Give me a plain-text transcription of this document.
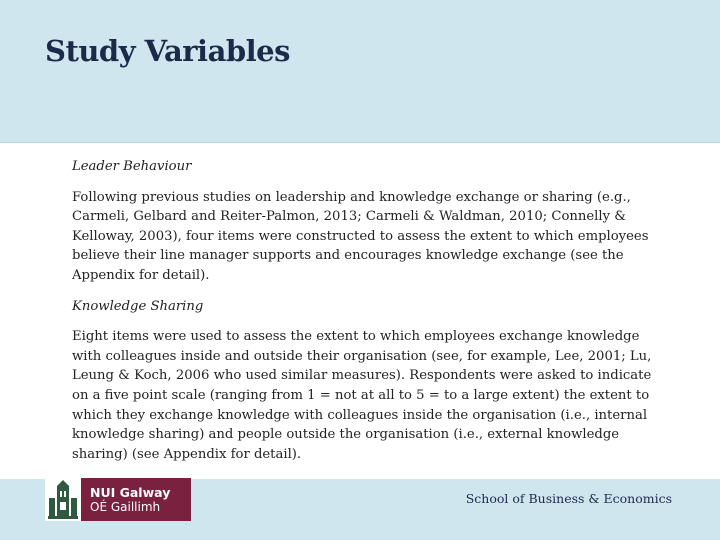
Study Variables

Leader Behaviour

Following previous studies on leadership and knowledge exchange or sharing (e.g., Carmeli, Gelbard and Reiter-Palmon, 2013; Carmeli & Waldman, 2010; Connelly & Kelloway, 2003), four items were constructed to assess the extent to which employees believe their line manager supports and encourages knowledge exchange (see the Appendix for detail).

Knowledge Sharing

Eight items were used to assess the extent to which employees exchange knowledge with colleagues inside and outside their organisation (see, for example, Lee, 2001; Lu, Leung & Koch, 2006 who used similar measures). Respondents were asked to indicate on a five point scale (ranging from 1 = not at all to 5 = to a large extent) the extent to which they exchange knowledge with colleagues inside the organisation (i.e., internal knowledge sharing) and people outside the organisation (i.e., external knowledge sharing) (see Appendix for detail).

NUI Galway
OÉ Gaillimh
School of Business & Economics
